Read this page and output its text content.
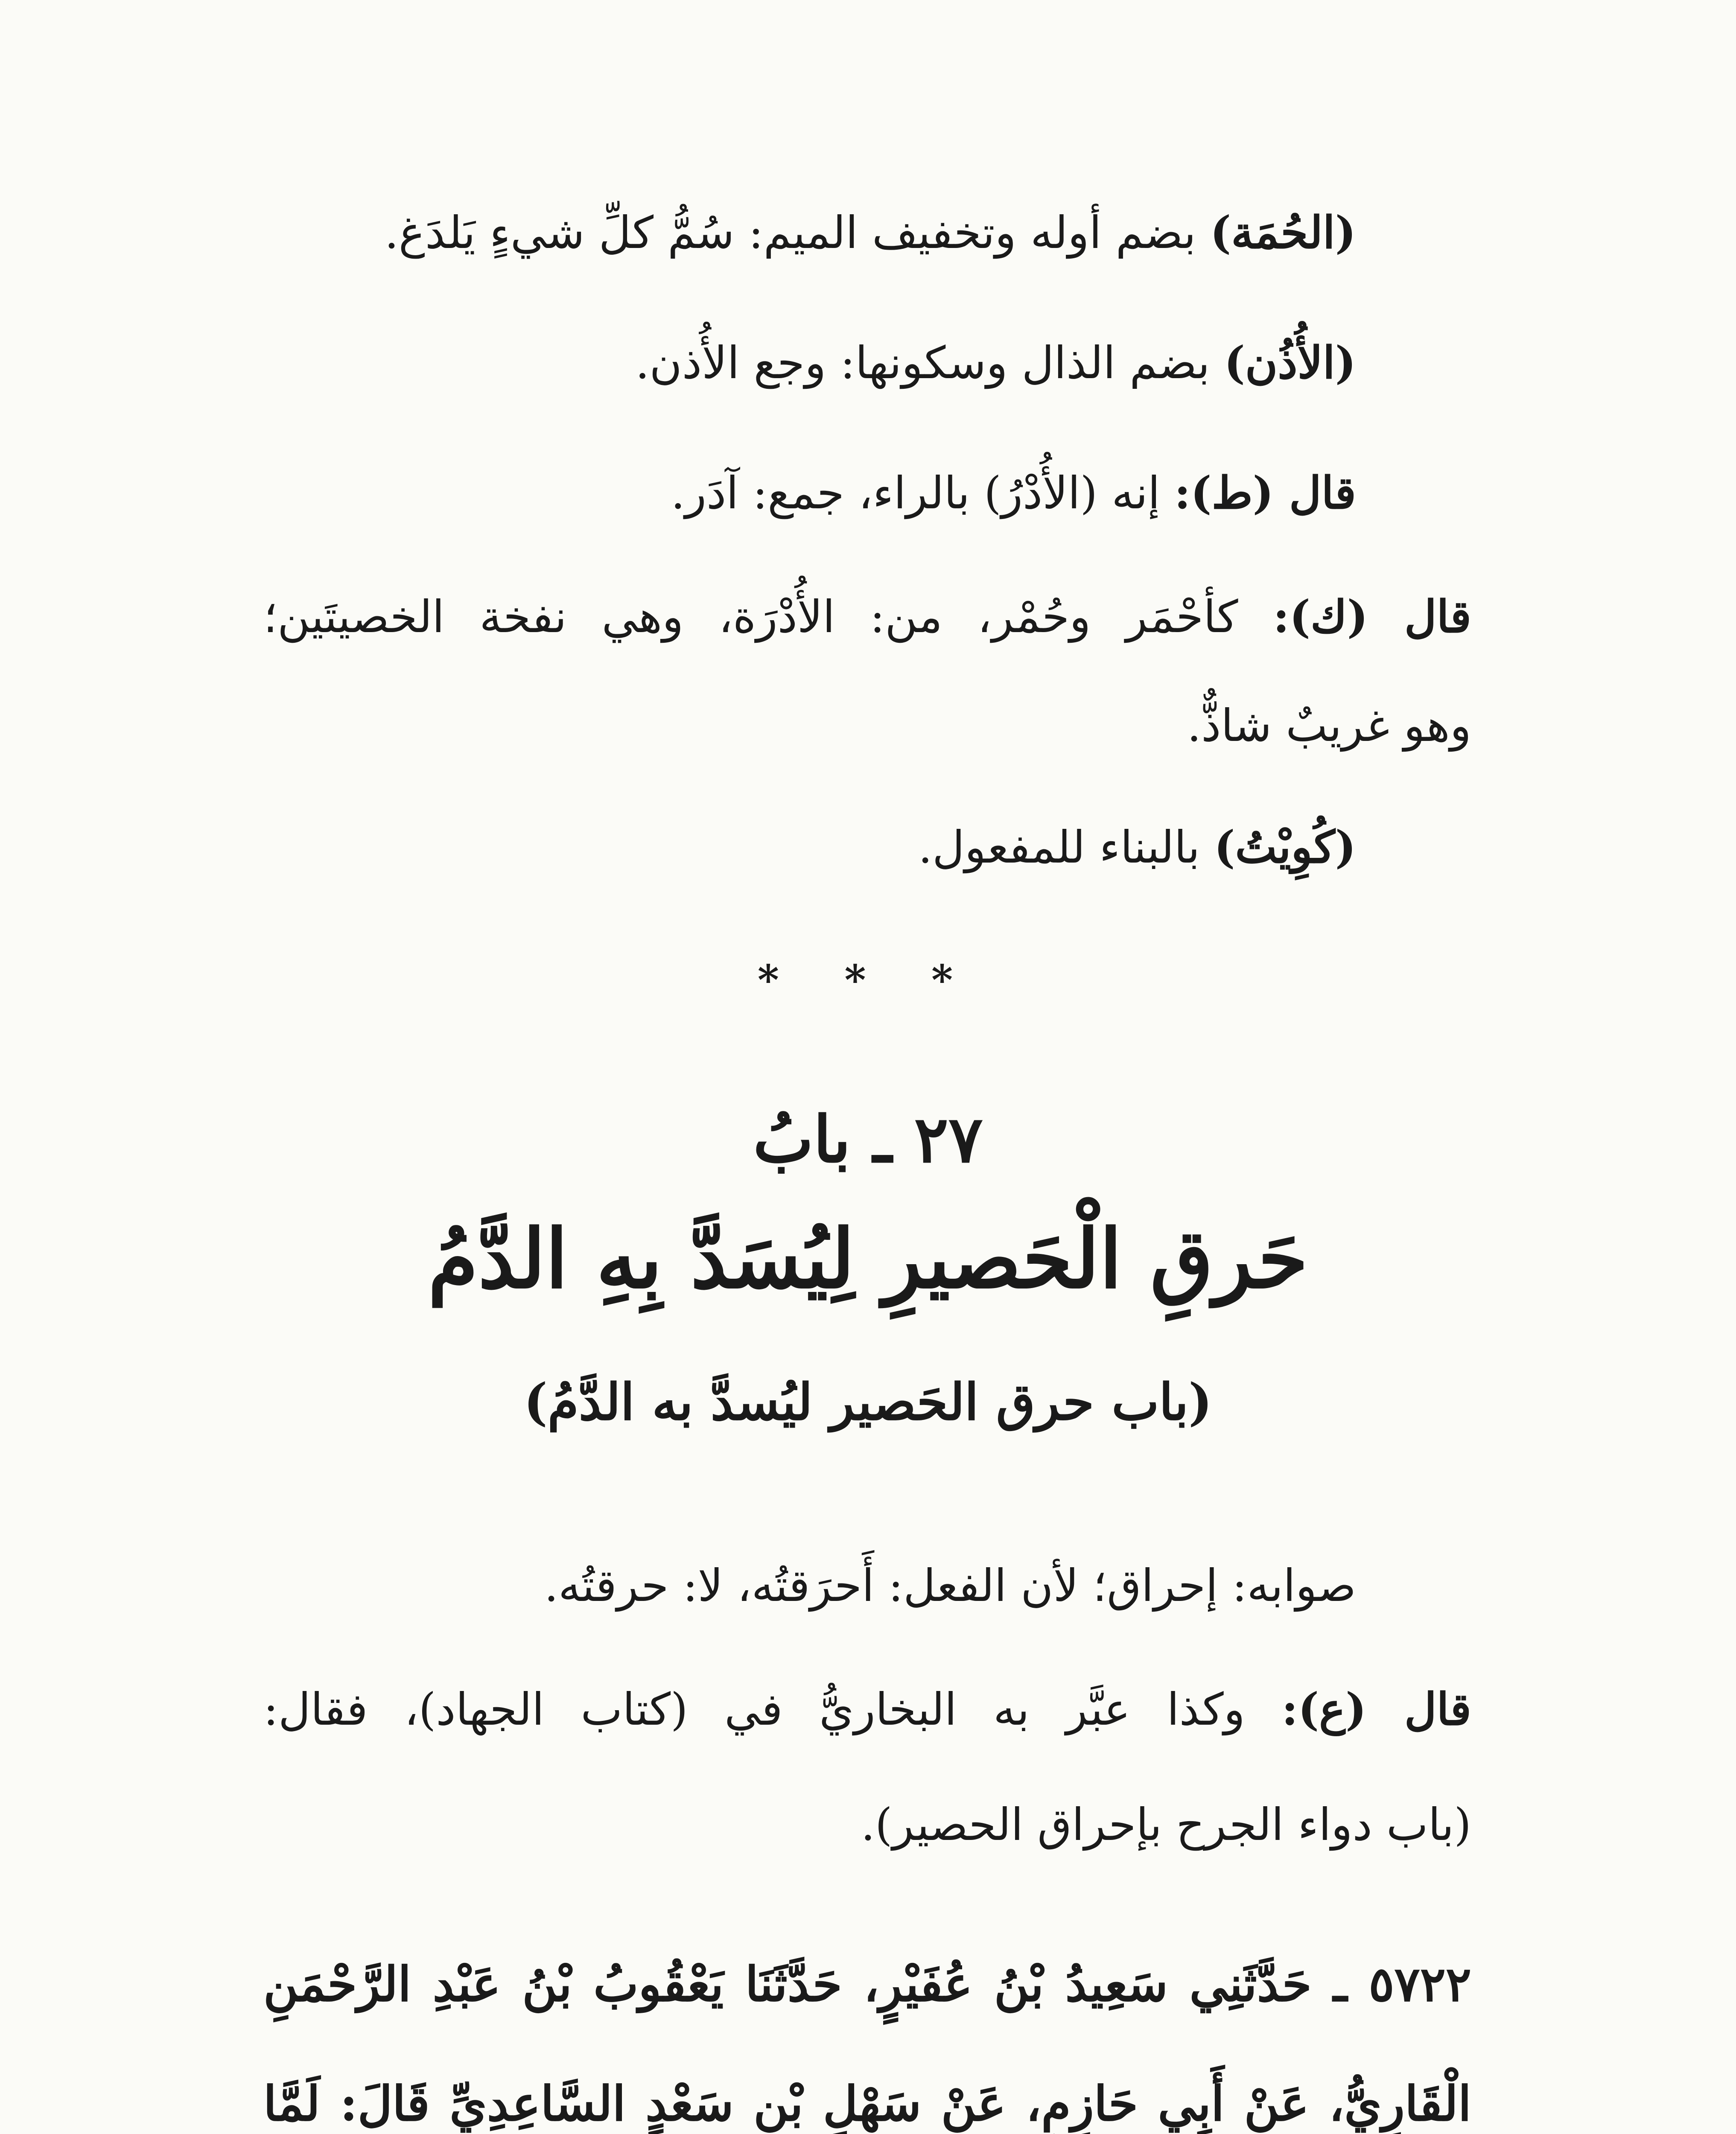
(الحُمَة) بضم أوله وتخفيف الميم: سُمُّ كلِّ شيءٍ يَلدَغ.

(الأُذُن) بضم الذال وسكونها: وجع الأُذن.

قال (ط): إنه (الأُدْرُ) بالراء، جمع: آدَر.

قال (ك): كأحْمَر وحُمْر، من: الأُدْرَة، وهي نفخة الخصيتَين؛

وهو غريبٌ شاذٌّ.

(كُوِيْتُ) بالبناء للمفعول.

* * *
٢٧ ـ بابُ
حَرقِ الْحَصيرِ لِيُسَدَّ بِهِ الدَّمُ
(باب حرق الحَصير ليُسدَّ به الدَّمُ)

صوابه: إحراق؛ لأن الفعل: أَحرَقتُه، لا: حرقتُه.

قال (ع): وكذا عبَّر به البخاريُّ في (كتاب الجهاد)، فقال:

(باب دواء الجرح بإحراق الحصير).

٥٧٢٢ ـ حَدَّثَنِي سَعِيدُ بْنُ عُفَيْرٍ، حَدَّثَنَا يَعْقُوبُ بْنُ عَبْدِ الرَّحْمَنِ

الْقَارِيُّ، عَنْ أَبِي حَازِمٍ، عَنْ سَهْلِ بْنِ سَعْدٍ السَّاعِدِيِّ قَالَ: لَمَّا
